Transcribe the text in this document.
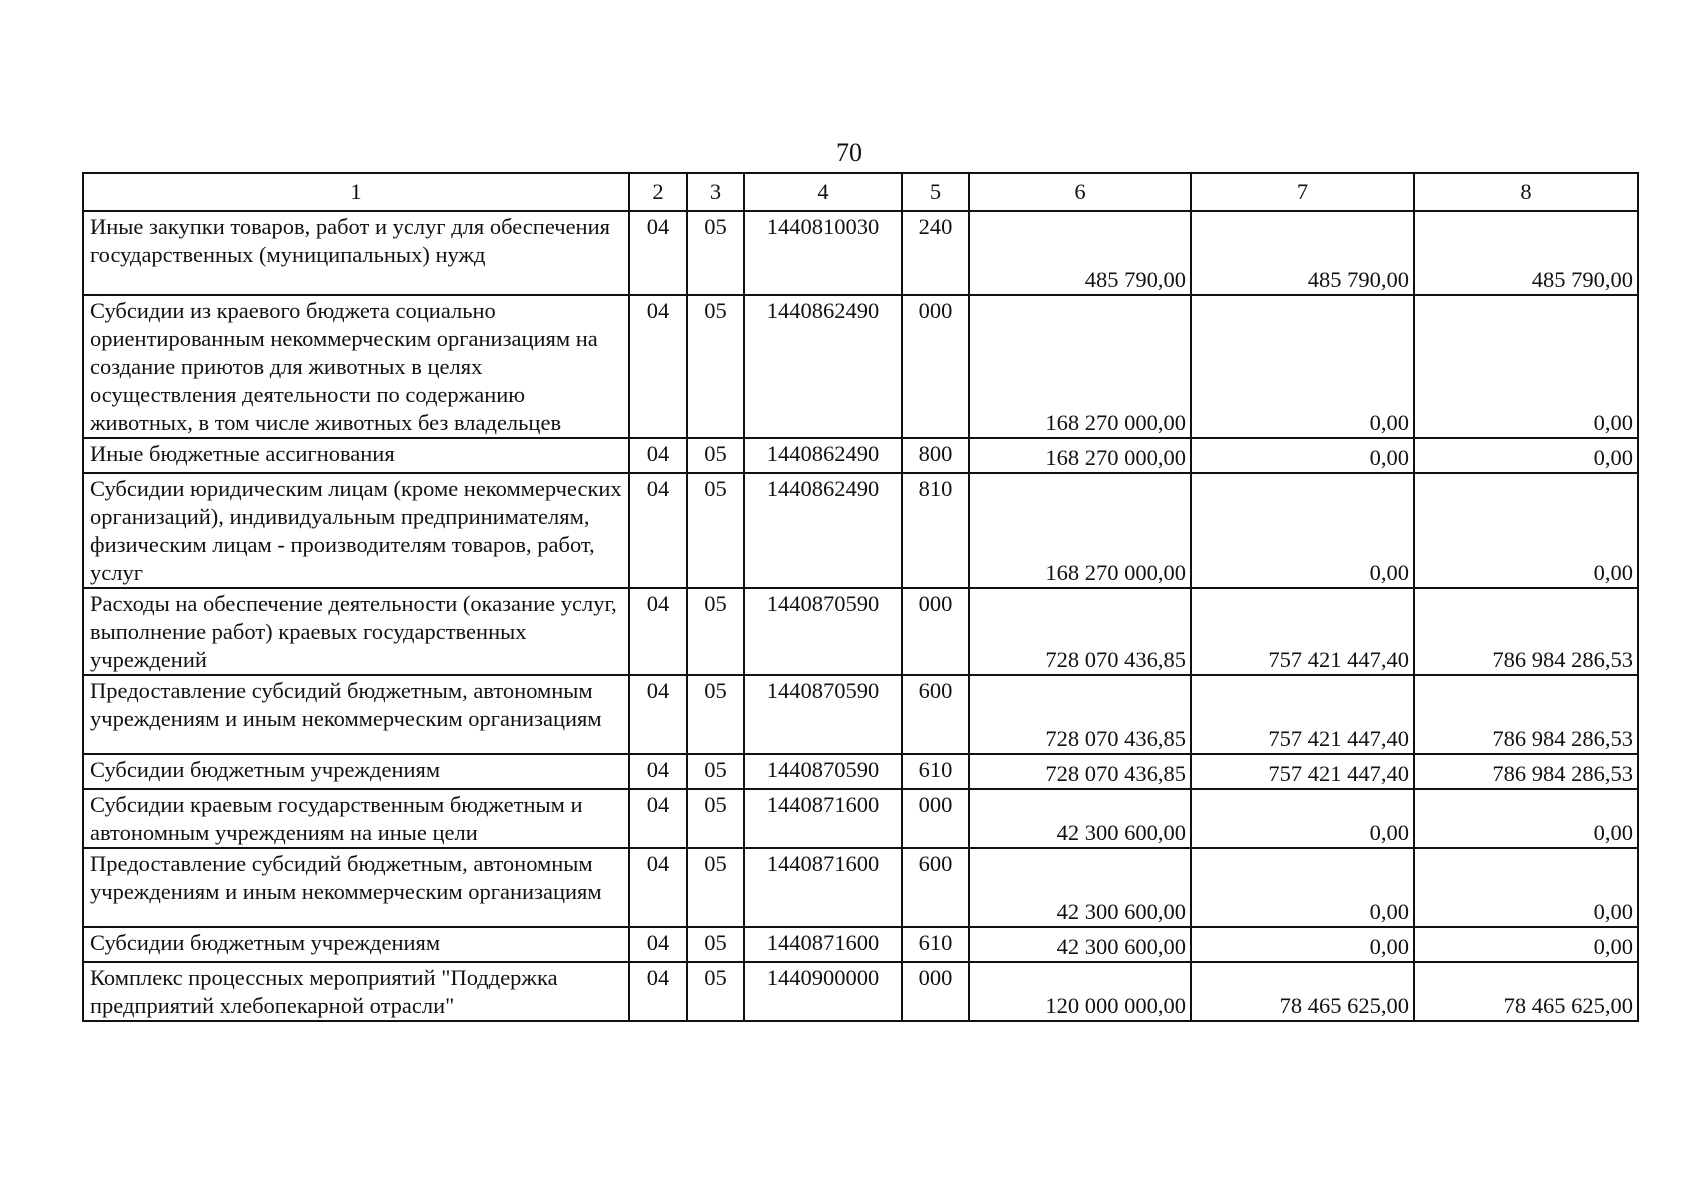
70
1	2	3	4	5	6	7	8
Иные закупки товаров, работ и услуг для обеспечения государственных (муниципальных) нужд	04	05	1440810030	240	485 790,00	485 790,00	485 790,00
Субсидии из краевого бюджета социально ориентированным некоммерческим организациям на создание приютов для животных в целях осуществления деятельности по содержанию животных, в том числе животных без владельцев	04	05	1440862490	000	168 270 000,00	0,00	0,00
Иные бюджетные ассигнования	04	05	1440862490	800	168 270 000,00	0,00	0,00
Субсидии юридическим лицам (кроме некоммерческих организаций), индивидуальным предпринимателям, физическим лицам - производителям товаров, работ, услуг	04	05	1440862490	810	168 270 000,00	0,00	0,00
Расходы на обеспечение деятельности (оказание услуг, выполнение работ) краевых государственных учреждений	04	05	1440870590	000	728 070 436,85	757 421 447,40	786 984 286,53
Предоставление субсидий бюджетным, автономным учреждениям и иным некоммерческим организациям	04	05	1440870590	600	728 070 436,85	757 421 447,40	786 984 286,53
Субсидии бюджетным учреждениям	04	05	1440870590	610	728 070 436,85	757 421 447,40	786 984 286,53
Субсидии краевым государственным бюджетным и автономным учреждениям на иные цели	04	05	1440871600	000	42 300 600,00	0,00	0,00
Предоставление субсидий бюджетным, автономным учреждениям и иным некоммерческим организациям	04	05	1440871600	600	42 300 600,00	0,00	0,00
Субсидии бюджетным учреждениям	04	05	1440871600	610	42 300 600,00	0,00	0,00
Комплекс процессных мероприятий "Поддержка предприятий хлебопекарной отрасли"	04	05	1440900000	000	120 000 000,00	78 465 625,00	78 465 625,00
